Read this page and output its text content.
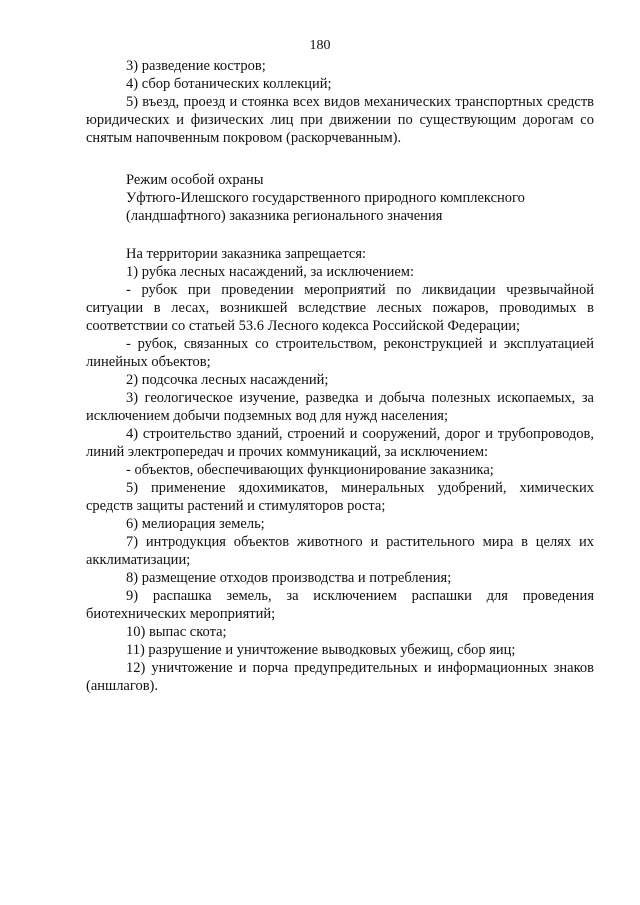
180

3) разведение костров;

4) сбор ботанических коллекций;

5) въезд, проезд и стоянка всех видов механических транспортных средств юридических и физических лиц при движении по существующим дорогам со снятым напочвенным покровом (раскорчеванным).

Режим особой охраны

Уфтюго-Илешского государственного природного комплексного

(ландшафтного) заказника регионального значения

На территории заказника запрещается:

1) рубка лесных насаждений, за исключением:

- рубок при проведении мероприятий по ликвидации чрезвычайной ситуации в лесах, возникшей вследствие лесных пожаров, проводимых в соответствии со статьей 53.6 Лесного кодекса Российской Федерации;

- рубок, связанных со строительством, реконструкцией и эксплуатацией линейных объектов;

2) подсочка лесных насаждений;

3) геологическое изучение, разведка и добыча полезных ископаемых, за исключением добычи подземных вод для нужд населения;

4) строительство зданий, строений и сооружений, дорог и трубопроводов, линий электропередач и прочих коммуникаций, за исключением:

- объектов, обеспечивающих функционирование заказника;

5) применение ядохимикатов, минеральных удобрений, химических средств защиты растений и стимуляторов роста;

6) мелиорация земель;

7) интродукция объектов животного и растительного мира в целях их акклиматизации;

8) размещение отходов производства и потребления;

9) распашка земель, за исключением распашки для проведения биотехнических мероприятий;

10) выпас скота;

11) разрушение и уничтожение выводковых убежищ, сбор яиц;

12) уничтожение и порча предупредительных и информационных знаков (аншлагов).
